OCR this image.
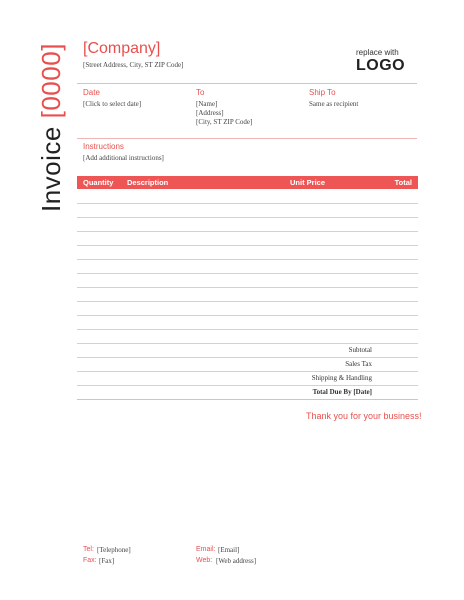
Invoice [0000] [Company]
[Street Address, City, ST ZIP Code]
replace with
LOGO
Date
[Click to select date]
To
[Name]
[Address]
[City, ST ZIP Code]
Ship To
Same as recipient
Instructions
[Add additional instructions]
Quantity Description	Unit Price	Total
Subtotal
Sales Tax
Shipping & Handling
Total Due By [Date]
Thank you for your business!
Tel: [Telephone]
Fax: [Fax]
Email: [Email]
Web: [Web address]
